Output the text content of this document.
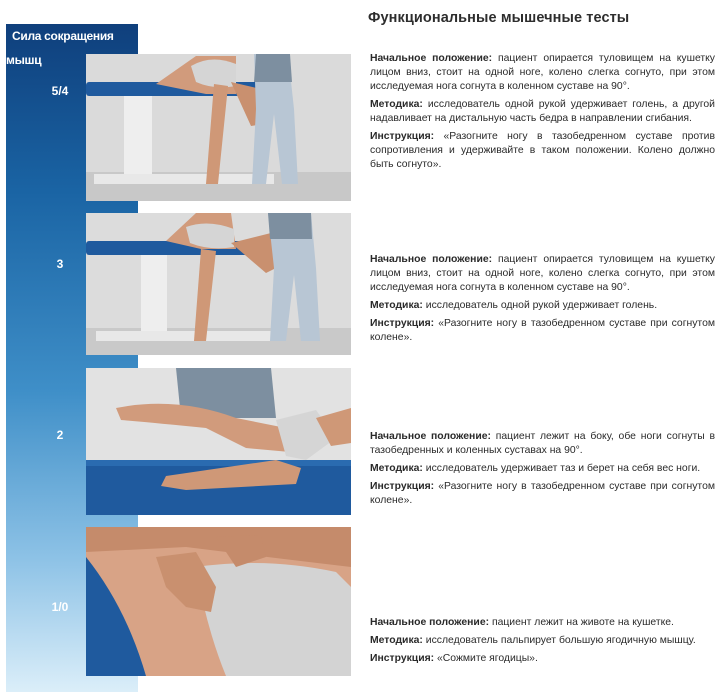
Сила сокращения мышц
5/4
3
2
1/0
Функциональные мышечные тесты

Начальное положение: пациент опирается туловищем на кушетку лицом вниз, стоит на одной ноге, колено слегка согнуто, при этом исследуемая нога согнута в коленном суставе на 90°.

Методика: исследователь одной рукой удерживает голень, а другой надавливает на дистальную часть бедра в направлении сгибания.

Инструкция: «Разогните ногу в тазобедренном суставе против сопротивления и удерживайте в таком положении. Колено должно быть согнуто».

Начальное положение: пациент опирается туловищем на кушетку лицом вниз, стоит на одной ноге, колено слегка согнуто, при этом исследуемая нога согнута в коленном суставе на 90°.

Методика: исследователь одной рукой удерживает голень.

Инструкция: «Разогните ногу в тазобедренном суставе при согнутом колене».

Начальное положение: пациент лежит на боку, обе ноги согнуты в тазобедренных и коленных суставах на 90°.

Методика: исследователь удерживает таз и берет на себя вес ноги.

Инструкция: «Разогните ногу в тазобедренном суставе при согнутом колене».

Начальное положение: пациент лежит на животе на кушетке.

Методика: исследователь пальпирует большую ягодичную мышцу.

Инструкция: «Сожмите ягодицы».
